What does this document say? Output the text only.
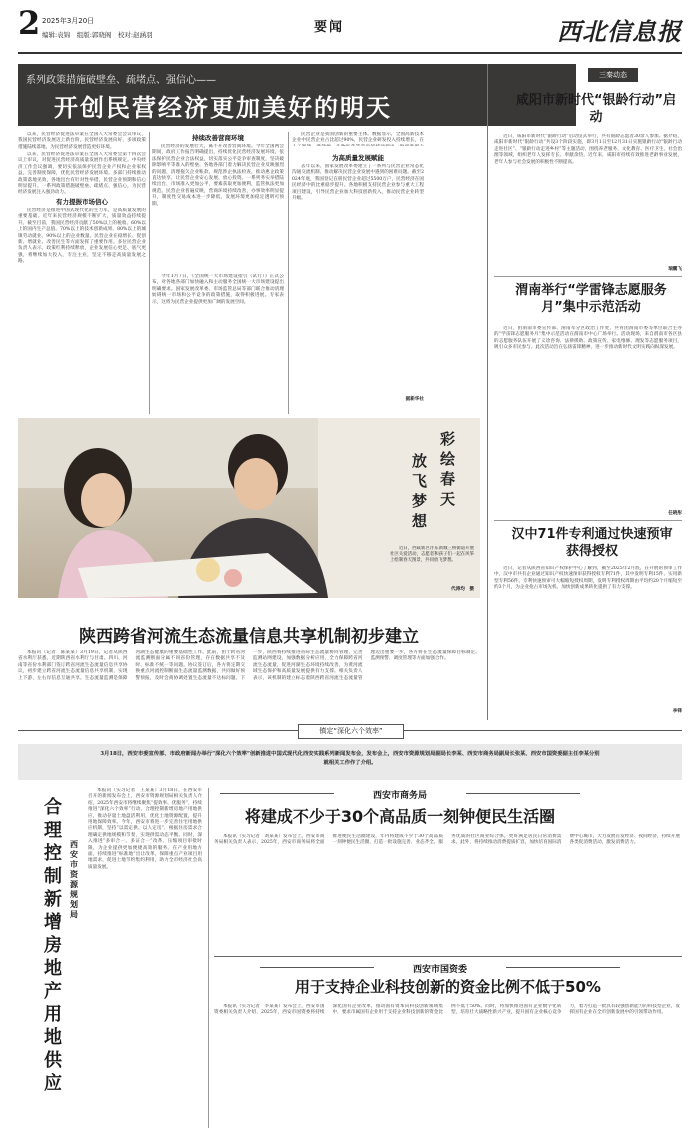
2 2025年3月20日
编辑:袁锦　组版:郭晓阁　校对:赵涵羽	要闻	西北信息报
系列政策措施破壁垒、疏堵点、强信心——
开创民营经济更加美好的明天

以来，民营经济促进法草案在全国人大常委会会议审议，我国民营经济发展迈上新台阶。民营经济发展向好，多项政策措施陆续落地，为民营经济发展营造更好环境。

以来，民营经济促进法草案在全国人大常委会第十四次会议上审议，对促进民营经济高质量发展作出系统规定。中央经济工作会议强调，要切实依法保护民营企业产权和企业家权益，完善制度保障，优化民营经济发展环境。多部门持续推动政策落地见效，各地出台有针对性举措，民营企业预期和信心明显提升。一系列政策措施破壁垒、疏堵点、强信心，为民营经济发展注入强劲动力。

有力提振市场信心

民营经济是推进中国式现代化的生力军，是高质量发展的重要基础。近年来民营经济规模不断扩大，质量效益持续提升。截至目前，我国民营经济贡献了50%以上的税收、60%以上的国内生产总值、70%以上的技术创新成果、80%以上的城镇劳动就业、90%以上的企业数量。民营企业在稳增长、促创新、增就业、改善民生等方面发挥了重要作用。多位民营企业负责人表示，政策红利持续释放，企业发展信心更足、底气更强，将继续加大投入，专注主业，坚定不移走高质量发展之路。

持续改善营商环境

民营经济的发展壮大，离不开改善营商环境。今年全国两会期间，政府工作报告明确提出，持续优化民营经济发展环境，依法保护民营企业合法权益，切实落实公平竞争审查制度，坚决破除影响平等准入的壁垒。各地各部门着力解决民营企业反映强烈的问题，清理拖欠企业账款，规范涉企执法检查，推动惠企政策直达快享，让民营企业安心发展、放心投资。一系列务实举措陆续出台，市场准入更加公平，要素获取更加便利，监管执法更加规范。民营企业普遍反映，营商环境持续改善，办事效率明显提升，制度性交易成本进一步降低，发展环境更加稳定透明可预期。

今年1月7日，《全国统一大市场建设指引（试行）》正式公布，对各地各部门加快融入和主动服务全国统一大市场建设提出明确要求。国家发展改革委、市场监管总局等部门联合推动清理妨碍统一市场和公平竞争的政策措施，取得积极进展。专家表示，这将为民营企业提供更加广阔的发展空间。

民营企业是我国创新的重要主体。数据显示，全国高新技术企业中民营企业占比超过90%，民营企业研发投入持续增长，在

为高质量发展赋能

去年以来，国家发展改革委建立了一系列与民营企业常态化沟通交流机制，推动解决民营企业发展中遇到的困难问题。截至2024年底，我国登记在册民营企业超过5500万户，民营经济在国民经济中的比重稳步提升。各地积极支持民营企业参与重大工程项目建设，引导民营企业加大科技创新投入，推动民营企业转型升级。

据新华社
彩
绘
春
天
放
飞
梦
想

近日，西咸新区沣东新城三桥街道开展社区关爱活动，志愿者和孩子们一起在风筝上绘制春天图景，共同放飞梦想。

代涛均　摄
陕西跨省河流生态流量信息共享机制初步建立

本报讯（记者　陈某某）3月19日，记者从陕西省水利厅获悉，近期陕西省水利厅与甘肃、四川、河南等省份水利部门签订跨省河流生态流量信息共享协议，初步建立跨省河流生态流量信息共享机制，实现上下游、左右岸信息互通共享。生态流量监测是保障河湖生态健康的重要基础性工作。此前，由于跨省河流监测断面分属不同省份管理，存在数据共享不及时、标准不统一等问题。协议签订后，各方将定期交换重点河流控制断面生态流量监测数据，共同做好预警预报，及时会商协调处置生态流量不达标问题。下一步，陕西将持续推进省际生态流量协同管理，完善监测站网建设，加强数据分析应用，全力保障跨省河流生态流量，促进河湖生态环境持续改善，为黄河流域生态保护和高质量发展提供有力支撑。相关负责人表示，该机制的建立标志着陕西跨省河流生态流量管理迈出重要一步，各方将在生态流量保障目标制定、监测预警、调度管理等方面加强合作。

三秦动态
咸阳市新时代“银龄行动”启动

近日，咸阳市新时代“银龄行动”启动仪式举行，共有银龄志愿者30余人参加。据介绍，咸阳市新时代“银龄行动”共设3个阶段实施，即3月1日至12月31日实施银龄行动“银龄行动走进社区”、“银龄行动走进乡村”等主题活动，围绕养老服务、文化教育、医疗卫生、社会治理等领域，组织老年人发挥专长、奉献余热。近年来，咸阳市持续有效推进老龄事业发展，老年人参与社会发展的积极性不断提高。

瑞鹏飞
渭南举行“学雷锋志愿服务月”集中示范活动

近日，由渭南市委宣传部、渭南军分区政治工作处、共青团渭南市委等单位联合主办的“学雷锋志愿服务月”集中示范活动在渭南市中心广场举行。活动现场，来自渭南市各区县的志愿服务队伍开展了义诊咨询、法律援助、政策宣传、家电维修、理发等志愿服务项目，吸引众多市民参与。此次活动旨在弘扬雷锋精神，进一步推动新时代文明实践向纵深发展。

任晓彤
汉中71件专利通过快速预审获得授权

近日，记者从陕西省知识产权保护中心了解到，截至2025年2月底，在开展的预审工作中，汉中市共有企业通过知识产权快速预审获得授权专利71件，其中发明专利15件，实用新型专利56件。专利快速预审可大幅缩短授权周期，发明专利授权周期由平均约20个月缩短至约3个月，为企业抢占市场先机、加快创新成果转化提供了有力支撑。

李铎
镇定“深化六个效率”
3月18日，西安市委宣传部、市政府新闻办举行“深化六个效率”创新推进中国式现代化西安实践系列新闻发布会，发布会上，西安市资源规划局副局长李某、西安市商务局副局长张某、西安市国资委副主任李某分别就相关工作作了介绍。
合理控制新增房地产用地供应
西安市资源规划局

本报讯（实习记者　王某某）3月18日，在西安市召开的新闻发布会上，西安市资源规划局相关负责人介绍，2025年西安市将继续聚焦“提效率、优服务”，持续推进“深化六个效率”行动，合理控制新增房地产用地供应，推动存量土地盘活利用，优化土地资源配置，提升用地保障效率。今年，西安市将进一步完善住宅用地供应机制，坚持“以需定供、以人定房”，根据住房需求合理确定供地规模和节奏，实现供需动态平衡。同时，深入推进“多审合一、多证合一”改革，压缩项目审批时限，为企业提供更加便捷高效的服务。在产业用地方面，持续推进“标准地”出让改革，保障重点产业项目用地需求，促进土地节约集约利用，助力全市经济社会高质量发展。

西安市商务局
将建成不少于30个高品质一刻钟便民生活圈

本报讯（实习记者　刘某某）发布会上，西安市商务局相关负责人表示，2025年，西安市商务局将全面推进便民生活圈建设，年内将建成不少于30个高品质一刻钟便民生活圈，打造一批设施完善、业态齐全、服务优质的社区商业综合体，更好满足居民日常消费需求。此外，将持续推动消费提质扩容，加快培育国际消费中心城市，大力发展首发经济、夜间经济，持续开展各类促消费活动，激发消费活力。

西安市国资委
用于支持企业科技创新的资金比例不低于50%

本报讯（实习记者　李某某）发布会上，西安市国资委相关负责人介绍，2025年，西安市国资委将持续深化国有企业改革，推动国有资本向科技创新领域集中，要求市属国有企业用于支持企业科技创新的资金比例不低于50%。同时，将加快推进国有企业数字化转型，培育壮大战略性新兴产业，提升国有企业核心竞争力，着力打造一批具有较强创新能力的科技型企业，发挥国有企业在全市创新发展中的引领带动作用。
